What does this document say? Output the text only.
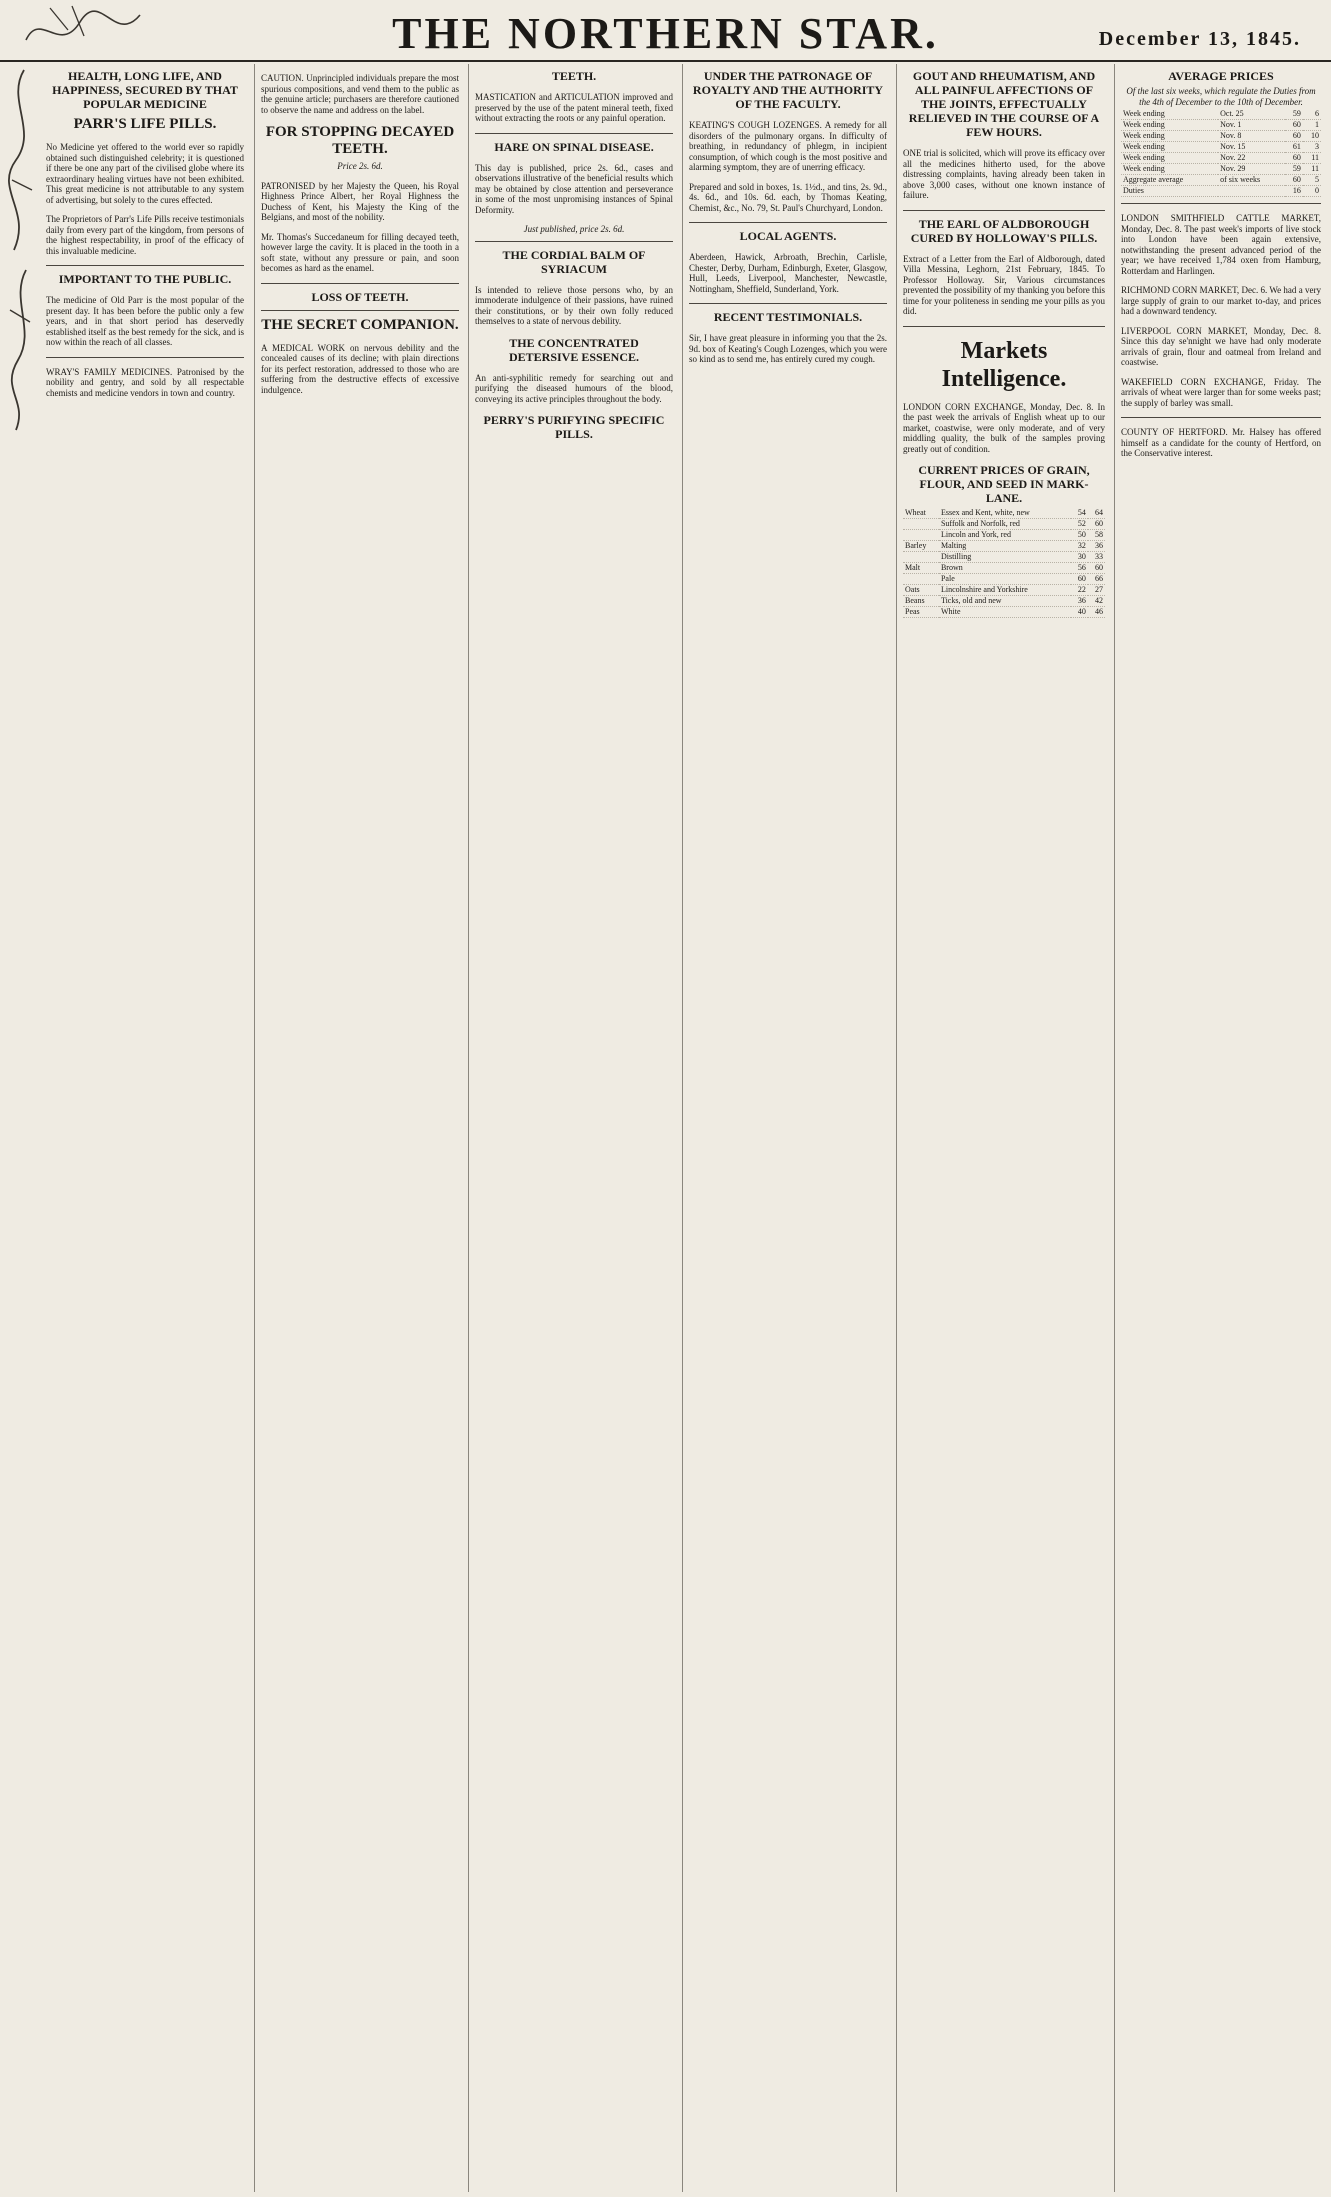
THE NORTHERN STAR.	December 13, 1845.
HEALTH, LONG LIFE, AND HAPPINESS, SECURED BY THAT POPULAR MEDICINE
PARR'S LIFE PILLS.

No Medicine yet offered to the world ever so rapidly obtained such distinguished celebrity; it is questioned if there be one any part of the civilised globe where its extraordinary healing virtues have not been exhibited. This great medicine is not attributable to any system of advertising, but solely to the cures effected.

The Proprietors of Parr's Life Pills receive testimonials daily from every part of the kingdom, from persons of the highest respectability, in proof of the efficacy of this invaluable medicine.

IMPORTANT TO THE PUBLIC.

The medicine of Old Parr is the most popular of the present day. It has been before the public only a few years, and in that short period has deservedly established itself as the best remedy for the sick, and is now within the reach of all classes.

WRAY'S FAMILY MEDICINES. Patronised by the nobility and gentry, and sold by all respectable chemists and medicine vendors in town and country.

CAUTION. Unprincipled individuals prepare the most spurious compositions, and vend them to the public as the genuine article; purchasers are therefore cautioned to observe the name and address on the label.

FOR STOPPING DECAYED TEETH.
Price 2s. 6d.

PATRONISED by her Majesty the Queen, his Royal Highness Prince Albert, her Royal Highness the Duchess of Kent, his Majesty the King of the Belgians, and most of the nobility.

Mr. Thomas's Succedaneum for filling decayed teeth, however large the cavity. It is placed in the tooth in a soft state, without any pressure or pain, and soon becomes as hard as the enamel.

LOSS OF TEETH.
THE SECRET COMPANION.

A MEDICAL WORK on nervous debility and the concealed causes of its decline; with plain directions for its perfect restoration, addressed to those who are suffering from the destructive effects of excessive indulgence.

TEETH.

MASTICATION and ARTICULATION improved and preserved by the use of the patent mineral teeth, fixed without extracting the roots or any painful operation.

HARE ON SPINAL DISEASE.

This day is published, price 2s. 6d., cases and observations illustrative of the beneficial results which may be obtained by close attention and perseverance in some of the most unpromising instances of Spinal Deformity.

Just published, price 2s. 6d.
THE CORDIAL BALM OF SYRIACUM

Is intended to relieve those persons who, by an immoderate indulgence of their passions, have ruined their constitutions, or by their own folly reduced themselves to a state of nervous debility.

THE CONCENTRATED DETERSIVE ESSENCE.

An anti-syphilitic remedy for searching out and purifying the diseased humours of the blood, conveying its active principles throughout the body.

PERRY'S PURIFYING SPECIFIC PILLS.
UNDER THE PATRONAGE OF ROYALTY AND THE AUTHORITY OF THE FACULTY.

KEATING'S COUGH LOZENGES. A remedy for all disorders of the pulmonary organs. In difficulty of breathing, in redundancy of phlegm, in incipient consumption, of which cough is the most positive and alarming symptom, they are of unerring efficacy.

Prepared and sold in boxes, 1s. 1½d., and tins, 2s. 9d., 4s. 6d., and 10s. 6d. each, by Thomas Keating, Chemist, &c., No. 79, St. Paul's Churchyard, London.

LOCAL AGENTS.

Aberdeen, Hawick, Arbroath, Brechin, Carlisle, Chester, Derby, Durham, Edinburgh, Exeter, Glasgow, Hull, Leeds, Liverpool, Manchester, Newcastle, Nottingham, Sheffield, Sunderland, York.

RECENT TESTIMONIALS.

Sir, I have great pleasure in informing you that the 2s. 9d. box of Keating's Cough Lozenges, which you were so kind as to send me, has entirely cured my cough.

GOUT AND RHEUMATISM, AND ALL PAINFUL AFFECTIONS OF THE JOINTS, EFFECTUALLY RELIEVED IN THE COURSE OF A FEW HOURS.

ONE trial is solicited, which will prove its efficacy over all the medicines hitherto used, for the above distressing complaints, having already been taken in above 3,000 cases, without one known instance of failure.

THE EARL OF ALDBOROUGH CURED BY HOLLOWAY'S PILLS.

Extract of a Letter from the Earl of Aldborough, dated Villa Messina, Leghorn, 21st February, 1845. To Professor Holloway. Sir, Various circumstances prevented the possibility of my thanking you before this time for your politeness in sending me your pills as you did.

Markets Intelligence.

LONDON CORN EXCHANGE, Monday, Dec. 8. In the past week the arrivals of English wheat up to our market, coastwise, were only moderate, and of very middling quality, the bulk of the samples proving greatly out of condition.

CURRENT PRICES OF GRAIN, FLOUR, AND SEED IN MARK-LANE.
Wheat	Essex and Kent, white, new	54	64
	Suffolk and Norfolk, red	52	60
	Lincoln and York, red	50	58
Barley	Malting	32	36
	Distilling	30	33
Malt	Brown	56	60
	Pale	60	66
Oats	Lincolnshire and Yorkshire	22	27
Beans	Ticks, old and new	36	42
Peas	White	40	46
AVERAGE PRICES
Of the last six weeks, which regulate the Duties from the 4th of December to the 10th of December.
Week ending	Oct. 25	59	6
Week ending	Nov. 1	60	1
Week ending	Nov. 8	60	10
Week ending	Nov. 15	61	3
Week ending	Nov. 22	60	11
Week ending	Nov. 29	59	11
Aggregate average	of six weeks	60	5
Duties		16	0

LONDON SMITHFIELD CATTLE MARKET, Monday, Dec. 8. The past week's imports of live stock into London have been again extensive, notwithstanding the present advanced period of the year; we have received 1,784 oxen from Hamburg, Rotterdam and Harlingen.

RICHMOND CORN MARKET, Dec. 6. We had a very large supply of grain to our market to-day, and prices had a downward tendency.

LIVERPOOL CORN MARKET, Monday, Dec. 8. Since this day se'nnight we have had only moderate arrivals of grain, flour and oatmeal from Ireland and coastwise.

WAKEFIELD CORN EXCHANGE, Friday. The arrivals of wheat were larger than for some weeks past; the supply of barley was small.

COUNTY OF HERTFORD. Mr. Halsey has offered himself as a candidate for the county of Hertford, on the Conservative interest.
